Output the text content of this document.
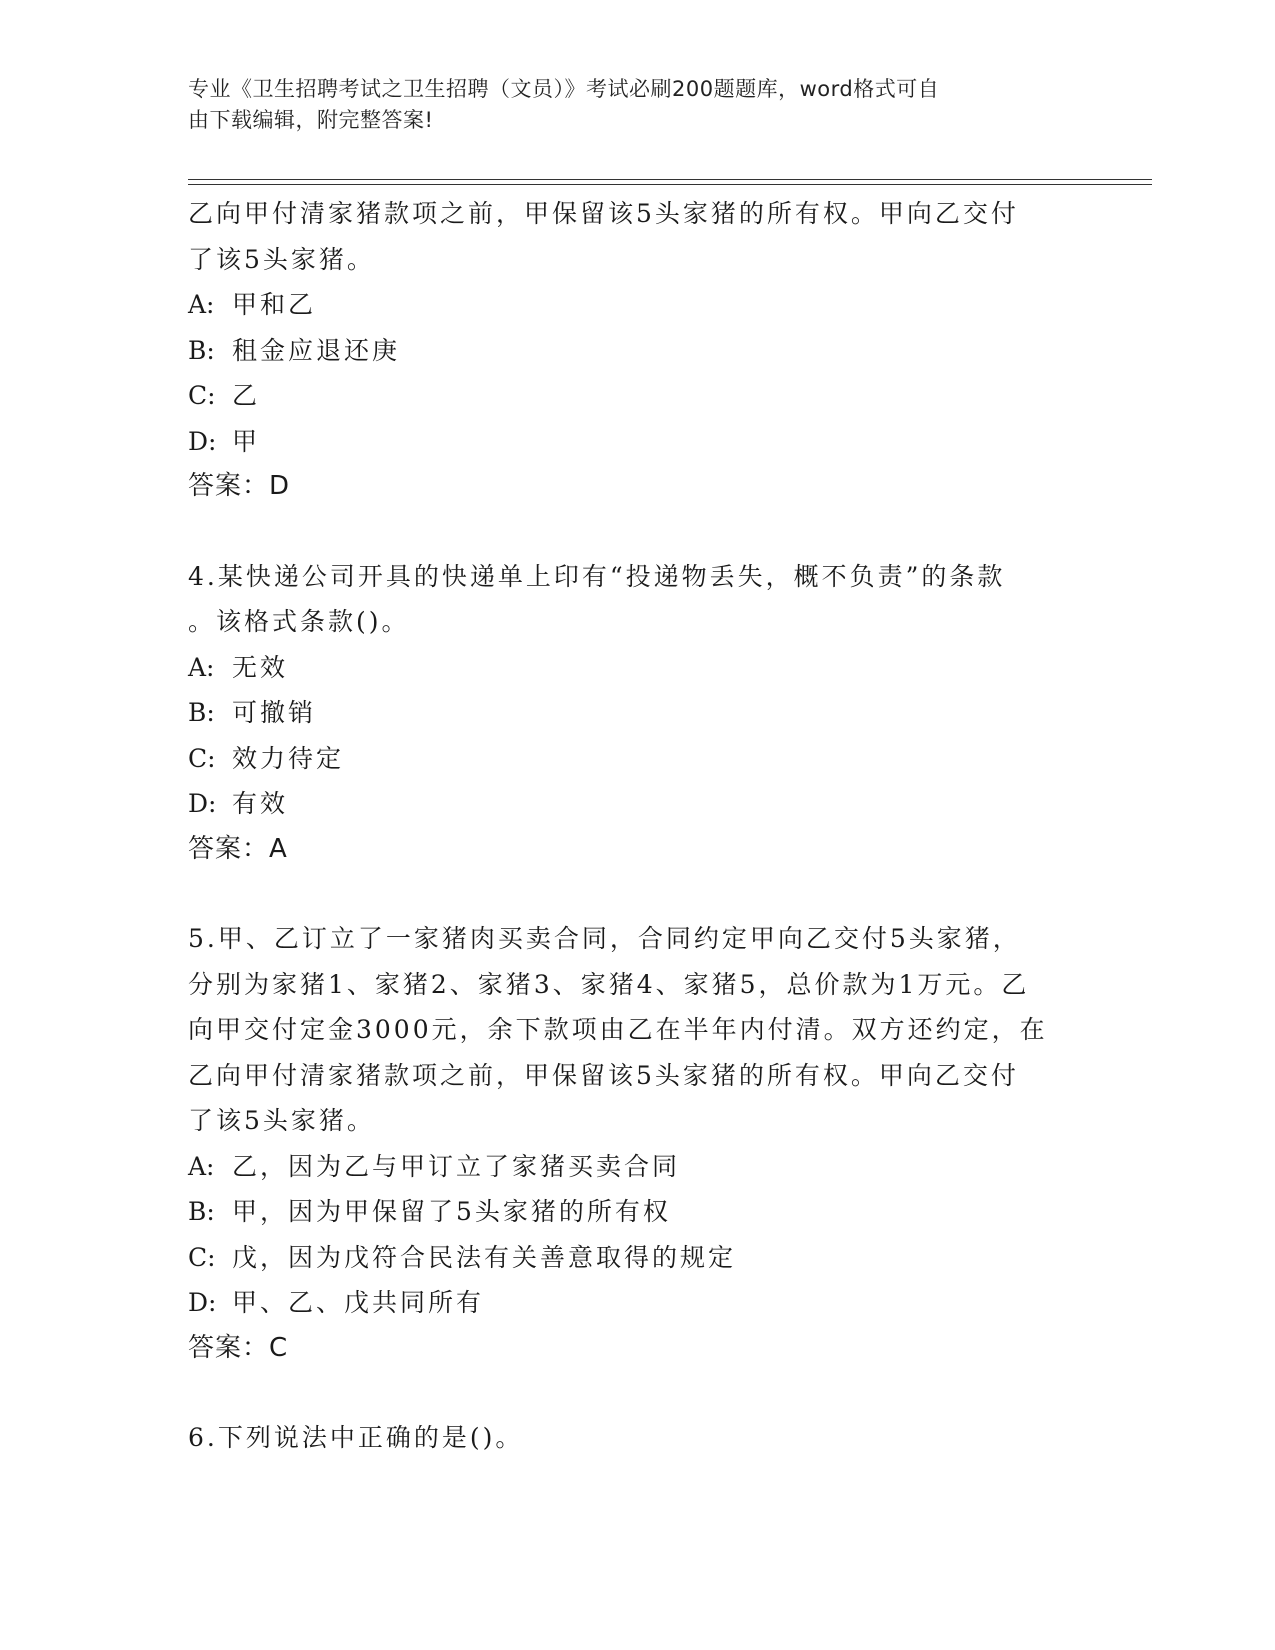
专业《卫生招聘考试之卫生招聘（文员）》考试必刷200题题库，word格式可自
由下载编辑，附完整答案!
乙向甲付清家猪款项之前，甲保留该5头家猪的所有权。甲向乙交付
了该5头家猪。
A: 甲和乙
B: 租金应退还庚
C: 乙
D: 甲
答案：D
4.某快递公司开具的快递单上印有“投递物丢失，概不负责”的条款
。该格式条款()。
A: 无效
B: 可撤销
C: 效力待定
D: 有效
答案：A
5.甲、乙订立了一家猪肉买卖合同，合同约定甲向乙交付5头家猪，
分别为家猪1、家猪2、家猪3、家猪4、家猪5，总价款为1万元。乙
向甲交付定金3000元，余下款项由乙在半年内付清。双方还约定，在
乙向甲付清家猪款项之前，甲保留该5头家猪的所有权。甲向乙交付
了该5头家猪。
A: 乙，因为乙与甲订立了家猪买卖合同
B: 甲，因为甲保留了5头家猪的所有权
C: 戊，因为戊符合民法有关善意取得的规定
D: 甲、乙、戊共同所有
答案：C
6.下列说法中正确的是()。
